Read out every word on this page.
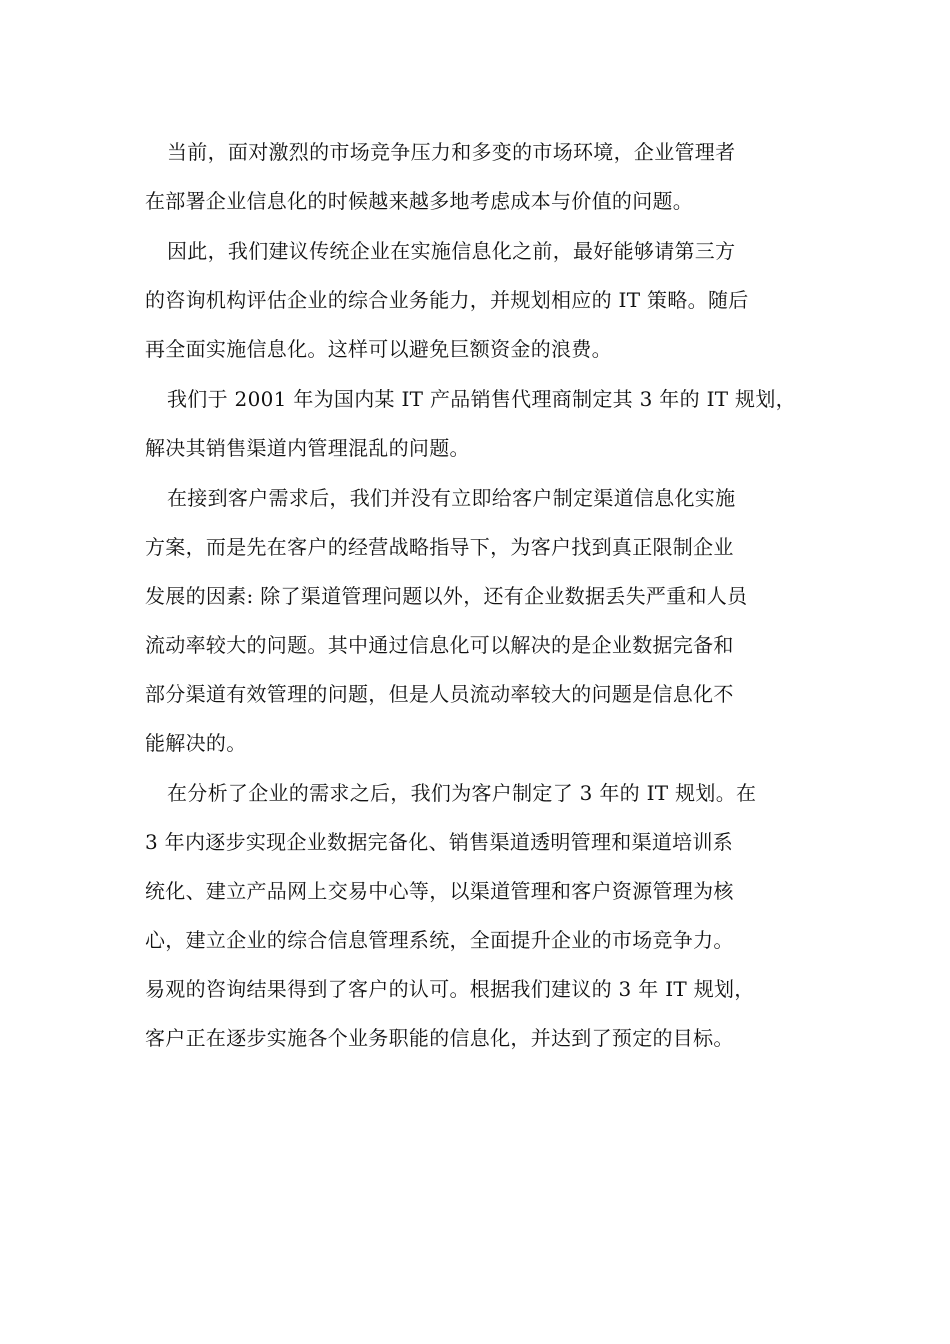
当前，面对激烈的市场竞争压力和多变的市场环境，企业管理者
在部署企业信息化的时候越来越多地考虑成本与价值的问题。

因此，我们建议传统企业在实施信息化之前，最好能够请第三方
的咨询机构评估企业的综合业务能力，并规划相应的 IT 策略。随后
再全面实施信息化。这样可以避免巨额资金的浪费。

我们于 2001 年为国内某 IT 产品销售代理商制定其 3 年的 IT 规划，
解决其销售渠道内管理混乱的问题。

在接到客户需求后，我们并没有立即给客户制定渠道信息化实施
方案，而是先在客户的经营战略指导下，为客户找到真正限制企业
发展的因素: 除了渠道管理问题以外，还有企业数据丢失严重和人员
流动率较大的问题。其中通过信息化可以解决的是企业数据完备和
部分渠道有效管理的问题，但是人员流动率较大的问题是信息化不
能解决的。

在分析了企业的需求之后，我们为客户制定了 3 年的 IT 规划。在
3 年内逐步实现企业数据完备化、销售渠道透明管理和渠道培训系
统化、建立产品网上交易中心等，以渠道管理和客户资源管理为核
心，建立企业的综合信息管理系统，全面提升企业的市场竞争力。
易观的咨询结果得到了客户的认可。根据我们建议的 3 年 IT 规划，
客户正在逐步实施各个业务职能的信息化，并达到了预定的目标。
